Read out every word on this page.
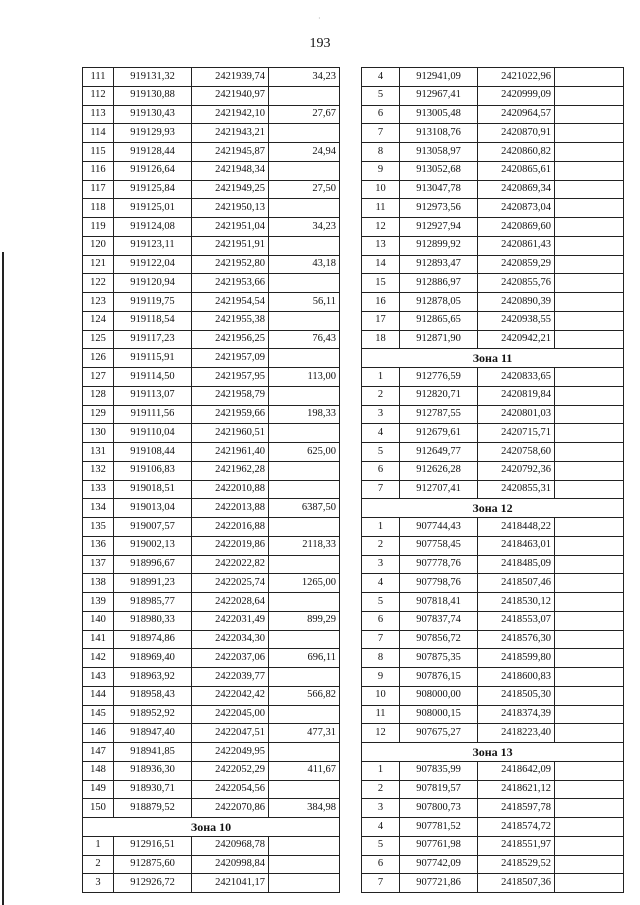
193
·
111	919131,32	2421939,74	34,23
112	919130,88	2421940,97	
113	919130,43	2421942,10	27,67
114	919129,93	2421943,21	
115	919128,44	2421945,87	24,94
116	919126,64	2421948,34	
117	919125,84	2421949,25	27,50
118	919125,01	2421950,13	
119	919124,08	2421951,04	34,23
120	919123,11	2421951,91	
121	919122,04	2421952,80	43,18
122	919120,94	2421953,66	
123	919119,75	2421954,54	56,11
124	919118,54	2421955,38	
125	919117,23	2421956,25	76,43
126	919115,91	2421957,09	
127	919114,50	2421957,95	113,00
128	919113,07	2421958,79	
129	919111,56	2421959,66	198,33
130	919110,04	2421960,51	
131	919108,44	2421961,40	625,00
132	919106,83	2421962,28	
133	919018,51	2422010,88	
134	919013,04	2422013,88	6387,50
135	919007,57	2422016,88	
136	919002,13	2422019,86	2118,33
137	918996,67	2422022,82	
138	918991,23	2422025,74	1265,00
139	918985,77	2422028,64	
140	918980,33	2422031,49	899,29
141	918974,86	2422034,30	
142	918969,40	2422037,06	696,11
143	918963,92	2422039,77	
144	918958,43	2422042,42	566,82
145	918952,92	2422045,00	
146	918947,40	2422047,51	477,31
147	918941,85	2422049,95	
148	918936,30	2422052,29	411,67
149	918930,71	2422054,56	
150	918879,52	2422070,86	384,98
Зона 10			
1	912916,51	2420968,78	
2	912875,60	2420998,84	
3	912926,72	2421041,17	
4	912941,09	2421022,96	
5	912967,41	2420999,09	
6	913005,48	2420964,57	
7	913108,76	2420870,91	
8	913058,97	2420860,82	
9	913052,68	2420865,61	
10	913047,78	2420869,34	
11	912973,56	2420873,04	
12	912927,94	2420869,60	
13	912899,92	2420861,43	
14	912893,47	2420859,29	
15	912886,97	2420855,76	
16	912878,05	2420890,39	
17	912865,65	2420938,55	
18	912871,90	2420942,21	
Зона 11			
1	912776,59	2420833,65	
2	912820,71	2420819,84	
3	912787,55	2420801,03	
4	912679,61	2420715,71	
5	912649,77	2420758,60	
6	912626,28	2420792,36	
7	912707,41	2420855,31	
Зона 12			
1	907744,43	2418448,22	
2	907758,45	2418463,01	
3	907778,76	2418485,09	
4	907798,76	2418507,46	
5	907818,41	2418530,12	
6	907837,74	2418553,07	
7	907856,72	2418576,30	
8	907875,35	2418599,80	
9	907876,15	2418600,83	
10	908000,00	2418505,30	
11	908000,15	2418374,39	
12	907675,27	2418223,40	
Зона 13			
1	907835,99	2418642,09	
2	907819,57	2418621,12	
3	907800,73	2418597,78	
4	907781,52	2418574,72	
5	907761,98	2418551,97	
6	907742,09	2418529,52	
7	907721,86	2418507,36	
